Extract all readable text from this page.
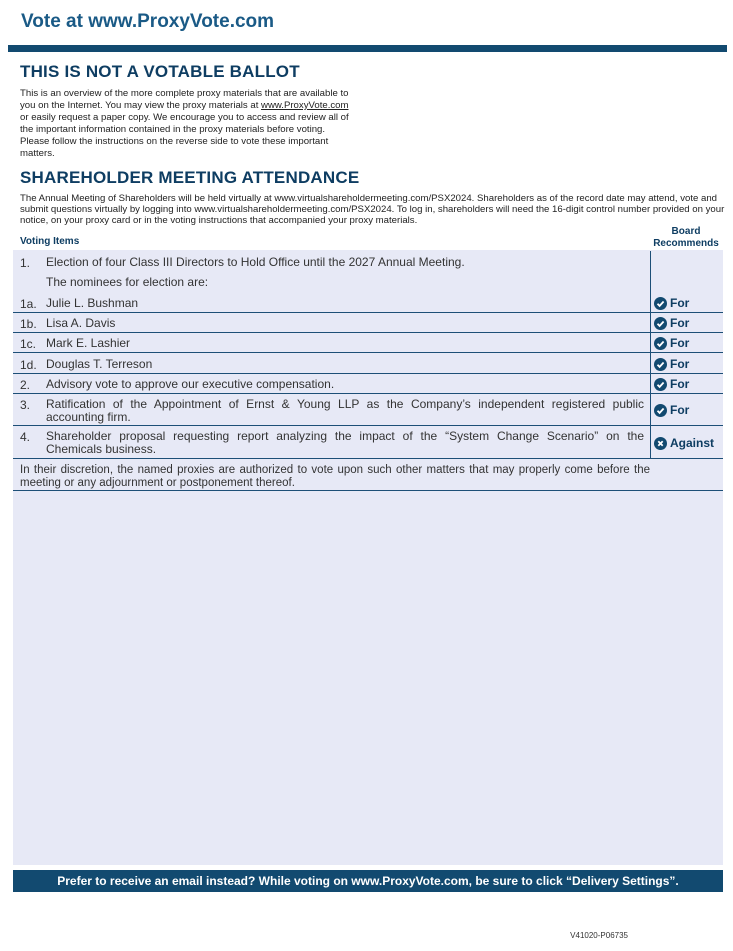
Vote at www.ProxyVote.com
THIS IS NOT A VOTABLE BALLOT
This is an overview of the more complete proxy materials that are available to you on the Internet. You may view the proxy materials at www.ProxyVote.com or easily request a paper copy. We encourage you to access and review all of the important information contained in the proxy materials before voting. Please follow the instructions on the reverse side to vote these important matters.
SHAREHOLDER MEETING ATTENDANCE
The Annual Meeting of Shareholders will be held virtually at www.virtualshareholdermeeting.com/PSX2024. Shareholders as of the record date may attend, vote and submit questions virtually by logging into www.virtualshareholdermeeting.com/PSX2024. To log in, shareholders will need the 16-digit control number provided on your notice, on your proxy card or in the voting instructions that accompanied your proxy materials.
Voting Items
Board
Recommends
1. Election of four Class III Directors to Hold Office until the 2027 Annual Meeting.
The nominees for election are:
1a. Julie L. Bushman	For
1b. Lisa A. Davis	For
1c. Mark E. Lashier	For
1d. Douglas T. Terreson	For
2. Advisory vote to approve our executive compensation.	For
3. Ratification of the Appointment of Ernst & Young LLP as the Company’s independent registered public accounting firm.	For
4. Shareholder proposal requesting report analyzing the impact of the “System Change Scenario” on the Chemicals business.	Against
In their discretion, the named proxies are authorized to vote upon such other matters that may properly come before the meeting or any adjournment or postponement thereof.
Prefer to receive an email instead? While voting on www.ProxyVote.com, be sure to click “Delivery Settings”.
V41020-P06735
